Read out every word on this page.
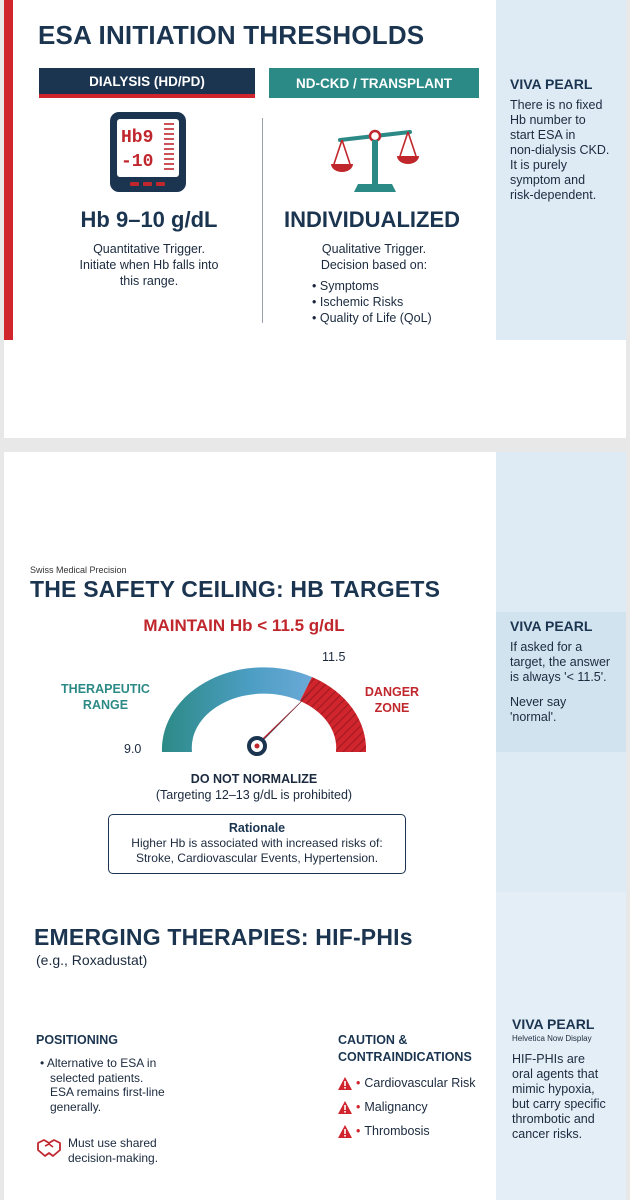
ESA INITIATION THRESHOLDS
DIALYSIS (HD/PD)	ND-CKD / TRANSPLANT
Hb9
-10
Hb 9–10 g/dL
Quantitative Trigger.
Initiate when Hb falls into
this range.
INDIVIDUALIZED
Qualitative Trigger.
Decision based on:
• Symptoms
• Ischemic Risks
• Quality of Life (QoL)
VIVA PEARL
There is no fixed
Hb number to
start ESA in
non-dialysis CKD.
It is purely
symptom and
risk-dependent.
VIVA PEARL
If asked for a
target, the answer
is always '< 11.5'.
Never say
'normal'.
Swiss Medical Precision
THE SAFETY CEILING: HB TARGETS
MAINTAIN Hb < 11.5 g/dL
11.5
9.0
THERAPEUTIC
RANGE
DANGER
ZONE
DO NOT NORMALIZE
(Targeting 12–13 g/dL is prohibited)
Rationale
Higher Hb is associated with increased risks of:
Stroke, Cardiovascular Events, Hypertension.
EMERGING THERAPIES: HIF-PHIs
(e.g., Roxadustat)
POSITIONING
• Alternative to ESA in
selected patients.
ESA remains first-line
generally.
Must use shared
decision-making.
CAUTION &
CONTRAINDICATIONS
• Cardiovascular Risk
• Malignancy
• Thrombosis
VIVA PEARL
Helvetica Now Display
HIF-PHIs are
oral agents that
mimic hypoxia,
but carry specific
thrombotic and
cancer risks.
